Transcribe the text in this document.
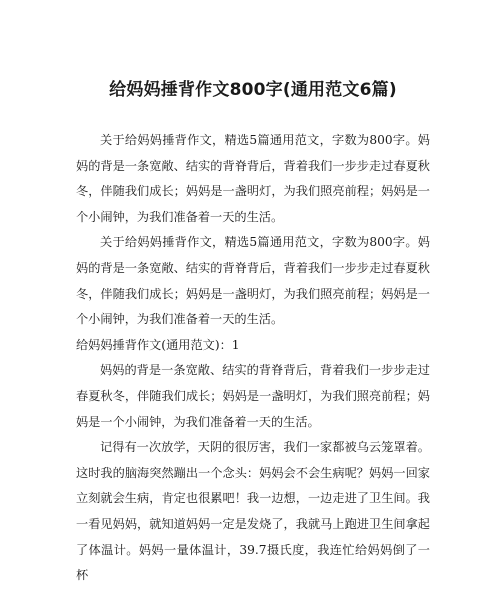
给妈妈捶背作文800字(通用范文6篇)

关于给妈妈捶背作文，精选5篇通用范文，字数为800字。妈妈的背是一条宽敞、结实的背脊背后，背着我们一步步走过春夏秋冬，伴随我们成长；妈妈是一盏明灯，为我们照亮前程；妈妈是一个小闹钟，为我们准备着一天的生活。

关于给妈妈捶背作文，精选5篇通用范文，字数为800字。妈妈的背是一条宽敞、结实的背脊背后，背着我们一步步走过春夏秋冬，伴随我们成长；妈妈是一盏明灯，为我们照亮前程；妈妈是一个小闹钟，为我们准备着一天的生活。

给妈妈捶背作文(通用范文)：1

妈妈的背是一条宽敞、结实的背脊背后，背着我们一步步走过春夏秋冬，伴随我们成长；妈妈是一盏明灯，为我们照亮前程；妈妈是一个小闹钟，为我们准备着一天的生活。

记得有一次放学，天阴的很厉害，我们一家都被乌云笼罩着。这时我的脑海突然蹦出一个念头：妈妈会不会生病呢？妈妈一回家立刻就会生病，肯定也很累吧！我一边想，一边走进了卫生间。我一看见妈妈，就知道妈妈一定是发烧了，我就马上跑进卫生间拿起了体温计。妈妈一量体温计，39.7摄氏度，我连忙给妈妈倒了一杯
